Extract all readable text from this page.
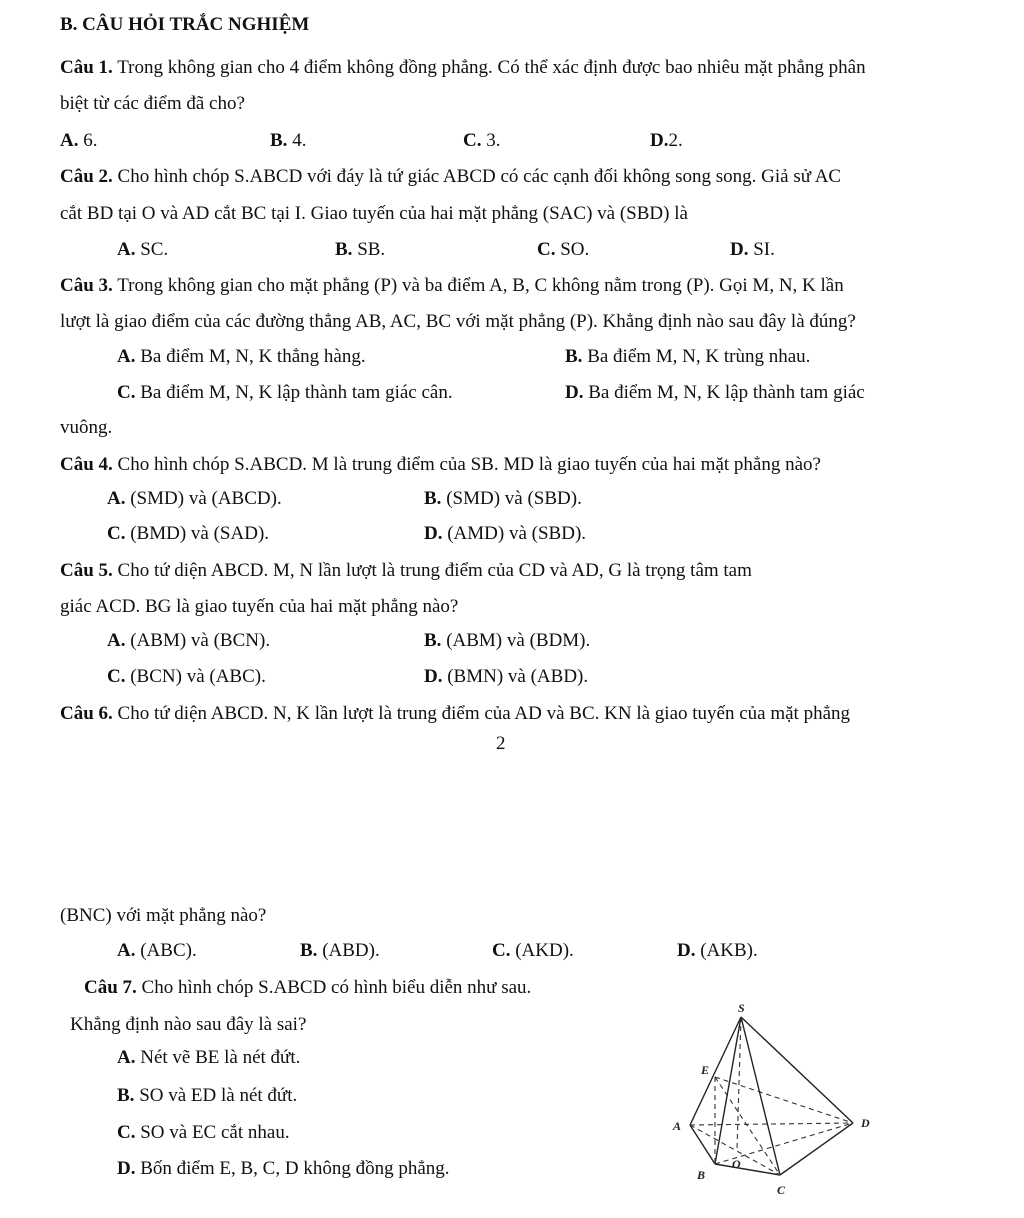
B. CÂU HỎI TRẮC NGHIỆM
Câu 1. Trong không gian cho 4 điểm không đồng phẳng. Có thể xác định được bao nhiêu mặt phẳng phân
biệt từ các điểm đã cho?
A. 6.	B. 4.	C. 3.	D.2.
Câu 2. Cho hình chóp S.ABCD với đáy là tứ giác ABCD có các cạnh đối không song song. Giả sử AC
cắt BD tại O và AD cắt BC tại I. Giao tuyến của hai mặt phẳng (SAC) và (SBD) là
A. SC.	B. SB.	C. SO.	D. SI.
Câu 3. Trong không gian cho mặt phẳng (P) và ba điểm A, B, C không nằm trong (P). Gọi M, N, K lần
lượt là giao điểm của các đường thẳng AB, AC, BC với mặt phẳng (P). Khẳng định nào sau đây là đúng?
A. Ba điểm M, N, K thẳng hàng.	B. Ba điểm M, N, K trùng nhau.
C. Ba điểm M, N, K lập thành tam giác cân.	D. Ba điểm M, N, K lập thành tam giác
vuông.
Câu 4. Cho hình chóp S.ABCD. M là trung điểm của SB. MD là giao tuyến của hai mặt phẳng nào?
A. (SMD) và (ABCD).	B. (SMD) và (SBD).
C. (BMD) và (SAD).	D. (AMD) và (SBD).
Câu 5. Cho tứ diện ABCD. M, N lần lượt là trung điểm của CD và AD, G là trọng tâm tam
giác ACD. BG là giao tuyến của hai mặt phẳng nào?
A. (ABM) và (BCN).	B. (ABM) và (BDM).
C. (BCN) và (ABC).	D. (BMN) và (ABD).
Câu 6. Cho tứ diện ABCD. N, K lần lượt là trung điểm của AD và BC. KN là giao tuyến của mặt phẳng
2
(BNC) với mặt phẳng nào?
A. (ABC).	B. (ABD).	C. (AKD).	D. (AKB).
Câu 7. Cho hình chóp S.ABCD có hình biểu diễn như sau.
Khẳng định nào sau đây là sai?
A. Nét vẽ BE là nét đứt.
B. SO và ED là nét đứt.
C. SO và EC cắt nhau.
D. Bốn điểm E, B, C, D không đồng phẳng.
S
E
A	D
B
O
C
